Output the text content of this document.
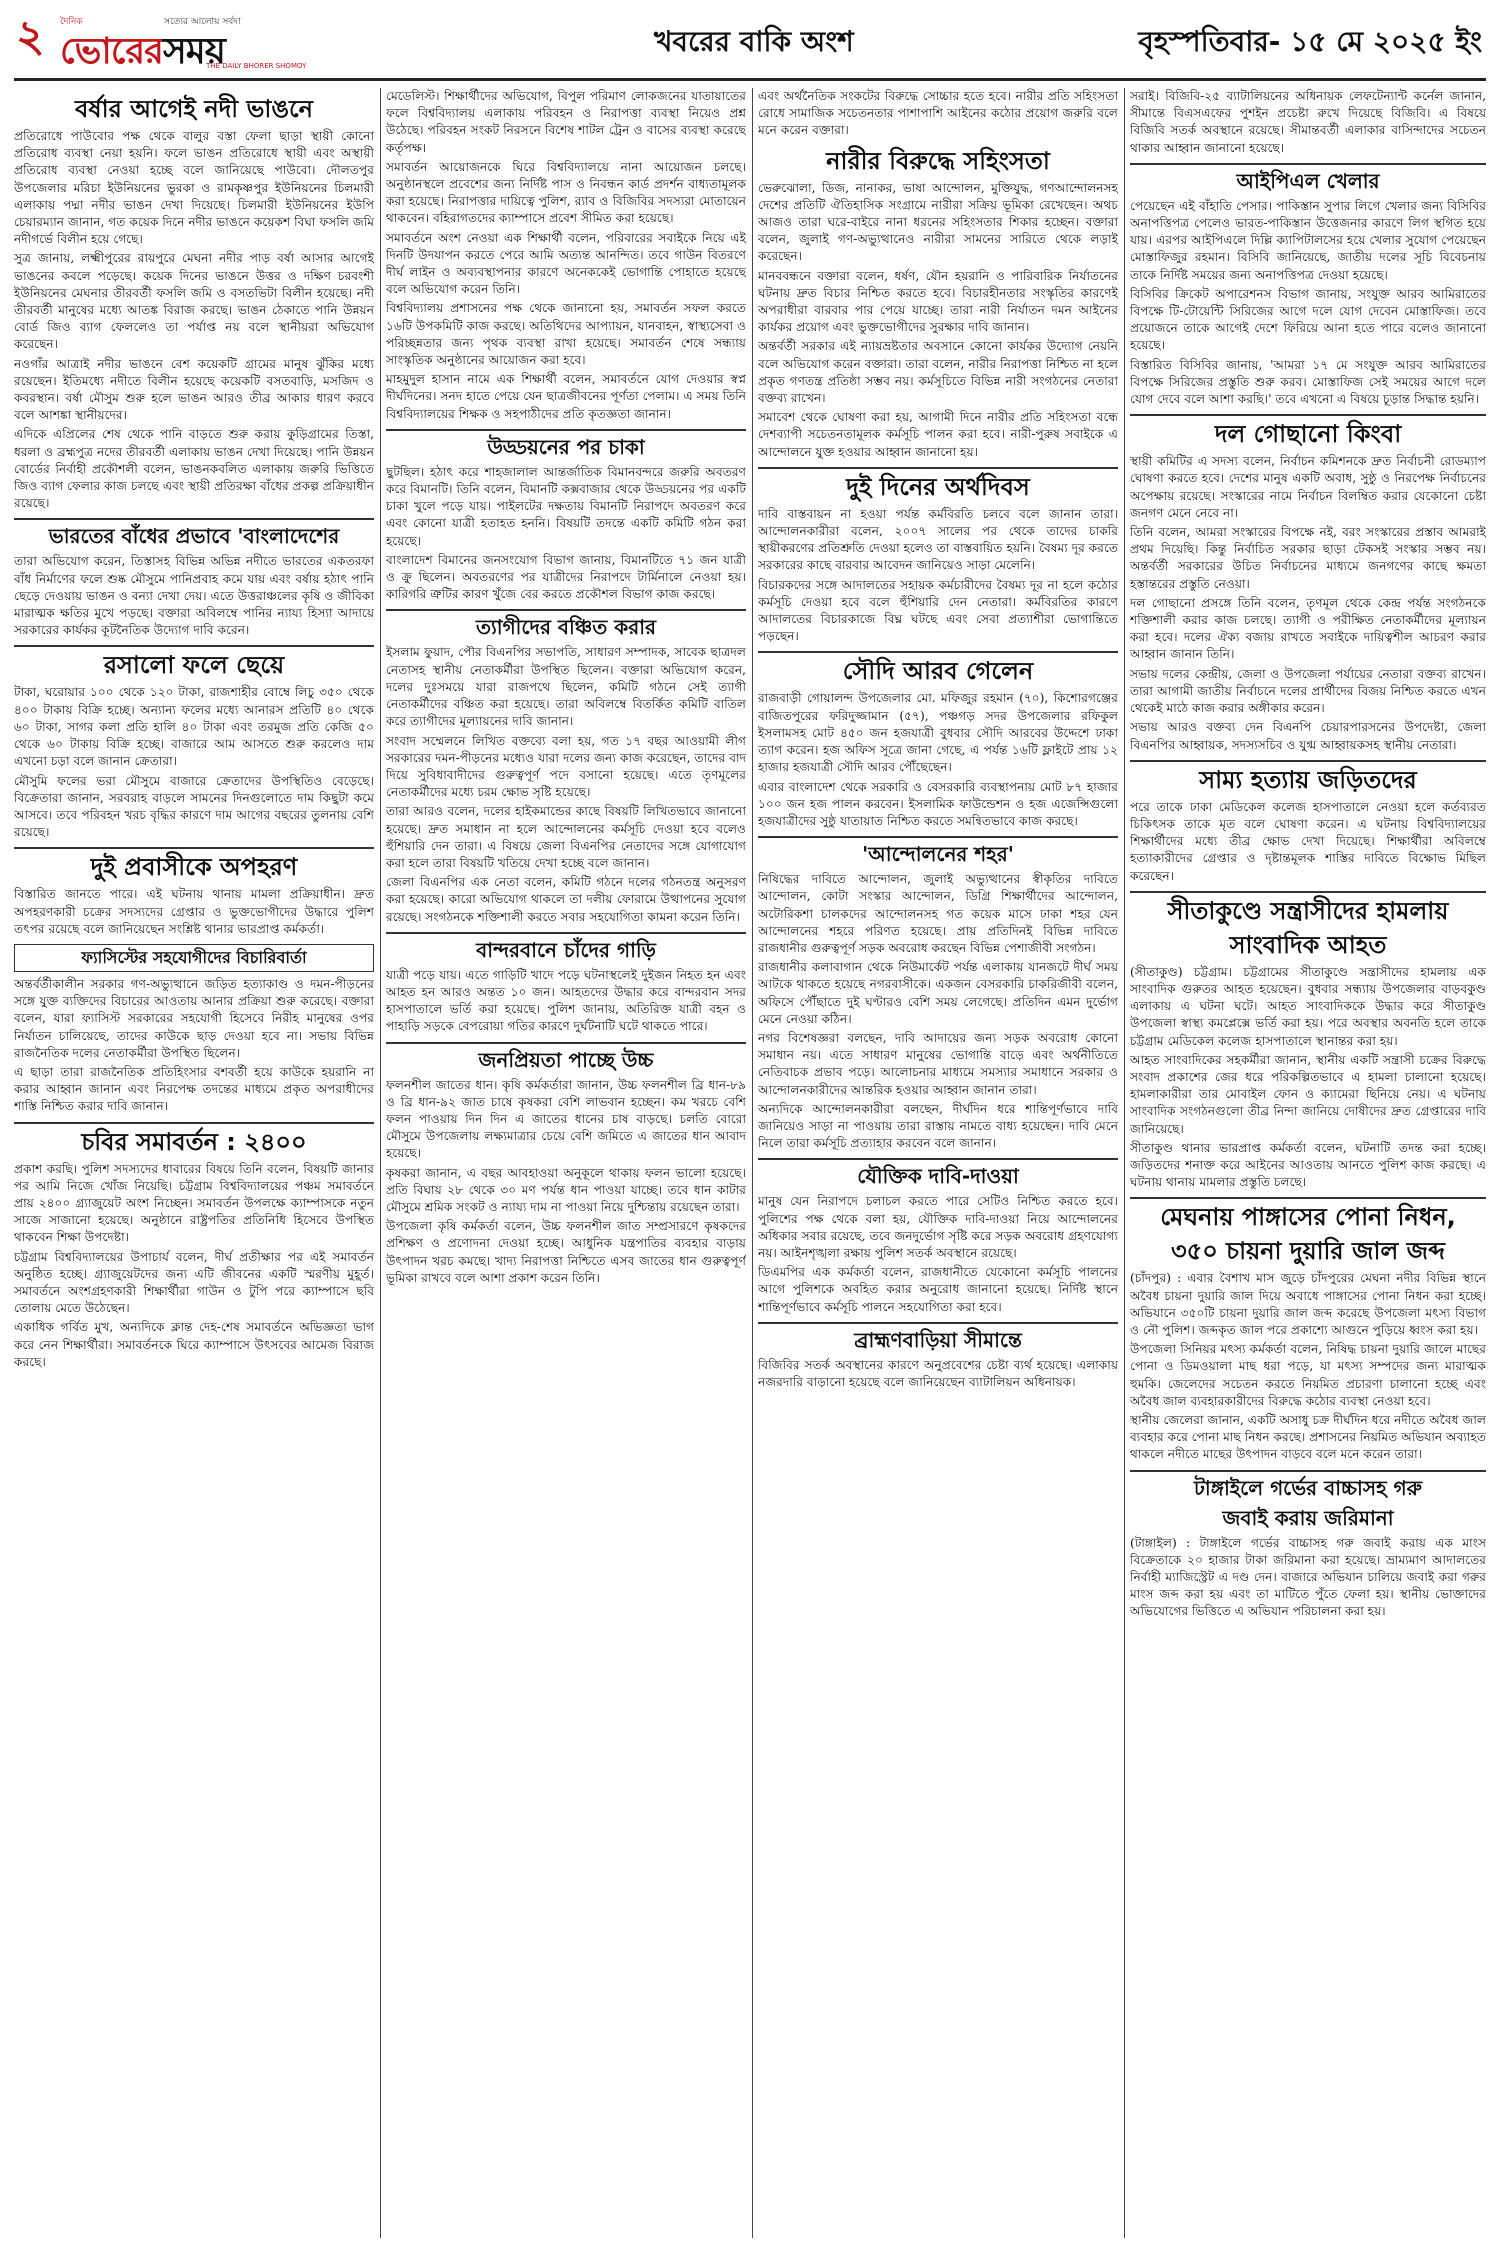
২ দৈনিক	সত্যের আলোয় সর্বদা
ভোরেরসময়
THE DAILY BHORER SHOMOY
খবরের বাকি অংশ	বৃহস্পতিবার- ১৫ মে ২০২৫ ইং
বর্ষার আগেই নদী ভাঙনে

প্রতিরোধে পাউবোর পক্ষ থেকে বালুর বস্তা ফেলা ছাড়া স্থায়ী কোনো প্রতিরোধ ব্যবস্থা নেয়া হয়নি। ফলে ভাঙন প্রতিরোধে স্থায়ী এবং অস্থায়ী প্রতিরোধ ব্যবস্থা নেওয়া হচ্ছে বলে জানিয়েছে পাউবো। দৌলতপুর উপজেলার মরিচা ইউনিয়নের ভুরকা ও রামকৃষ্ণপুর ইউনিয়নের চিলমারী এলাকায় পদ্মা নদীর ভাঙন দেখা দিয়েছে। চিলমারী ইউনিয়নের ইউপি চেয়ারম্যান জানান, গত কয়েক দিনে নদীর ভাঙনে কয়েকশ বিঘা ফসলি জমি নদীগর্ভে বিলীন হয়ে গেছে।

সুত্র জানায়, লক্ষ্মীপুরের রায়পুরে মেঘনা নদীর পাড় বর্ষা আসার আগেই ভাঙনের কবলে পড়েছে। কয়েক দিনের ভাঙনে উত্তর ও দক্ষিণ চরবংশী ইউনিয়নের মেঘনার তীরবর্তী ফসলি জমি ও বসতভিটা বিলীন হয়েছে। নদী তীরবর্তী মানুষের মধ্যে আতঙ্ক বিরাজ করছে। ভাঙন ঠেকাতে পানি উন্নয়ন বোর্ড জিও ব্যাগ ফেললেও তা পর্যাপ্ত নয় বলে স্থানীয়রা অভিযোগ করেছেন।

নওগাঁর আত্রাই নদীর ভাঙনে বেশ কয়েকটি গ্রামের মানুষ ঝুঁকির মধ্যে রয়েছেন। ইতিমধ্যে নদীতে বিলীন হয়েছে কয়েকটি বসতবাড়ি, মসজিদ ও কবরস্থান। বর্ষা মৌসুম শুরু হলে ভাঙন আরও তীব্র আকার ধারণ করবে বলে আশঙ্কা স্থানীয়দের।

এদিকে এপ্রিলের শেষ থেকে পানি বাড়তে শুরু করায় কুড়িগ্রামের তিস্তা, ধরলা ও ব্রহ্মপুত্র নদের তীরবর্তী এলাকায় ভাঙন দেখা দিয়েছে। পানি উন্নয়ন বোর্ডের নির্বাহী প্রকৌশলী বলেন, ভাঙনকবলিত এলাকায় জরুরি ভিত্তিতে জিও ব্যাগ ফেলার কাজ চলছে এবং স্থায়ী প্রতিরক্ষা বাঁধের প্রকল্প প্রক্রিয়াধীন রয়েছে।

ভারতের বাঁধের প্রভাবে 'বাংলাদেশের

তারা অভিযোগ করেন, তিস্তাসহ বিভিন্ন অভিন্ন নদীতে ভারতের একতরফা বাঁধ নির্মাণের ফলে শুষ্ক মৌসুমে পানিপ্রবাহ কমে যায় এবং বর্ষায় হঠাৎ পানি ছেড়ে দেওয়ায় ভাঙন ও বন্যা দেখা দেয়। এতে উত্তরাঞ্চলের কৃষি ও জীবিকা মারাত্মক ক্ষতির মুখে পড়ছে। বক্তারা অবিলম্বে পানির ন্যায্য হিস্যা আদায়ে সরকারের কার্যকর কূটনৈতিক উদ্যোগ দাবি করেন।

রসালো ফলে ছেয়ে

টাকা, ঘরোয়ার ১০০ থেকে ১২০ টাকা, রাজশাহীর বোম্বে লিচু ৩৫০ থেকে ৪০০ টাকায় বিক্রি হচ্ছে। অন্যান্য ফলের মধ্যে আনারস প্রতিটি ৪০ থেকে ৬০ টাকা, সাগর কলা প্রতি হালি ৪০ টাকা এবং তরমুজ প্রতি কেজি ৫০ থেকে ৬০ টাকায় বিক্রি হচ্ছে। বাজারে আম আসতে শুরু করলেও দাম এখনো চড়া বলে জানান ক্রেতারা।

মৌসুমি ফলের ভরা মৌসুমে বাজারে ক্রেতাদের উপস্থিতিও বেড়েছে। বিক্রেতারা জানান, সরবরাহ বাড়লে সামনের দিনগুলোতে দাম কিছুটা কমে আসবে। তবে পরিবহন খরচ বৃদ্ধির কারণে দাম আগের বছরের তুলনায় বেশি রয়েছে।

দুই প্রবাসীকে অপহরণ

বিস্তারিত জানতে পারে। এই ঘটনায় থানায় মামলা প্রক্রিয়াধীন। দ্রুত অপহরণকারী চক্রের সদস্যদের গ্রেপ্তার ও ভুক্তভোগীদের উদ্ধারে পুলিশ তৎপর রয়েছে বলে জানিয়েছেন সংশ্লিষ্ট থানার ভারপ্রাপ্ত কর্মকর্তা।

ফ্যাসিস্টের সহযোগীদের বিচারিবার্তা

অন্তর্বর্তীকালীন সরকার গণ-অভ্যুত্থানে জড়িত হত্যাকাণ্ড ও দমন-পীড়নের সঙ্গে যুক্ত ব্যক্তিদের বিচারের আওতায় আনার প্রক্রিয়া শুরু করেছে। বক্তারা বলেন, যারা ফ্যাসিস্ট সরকারের সহযোগী হিসেবে নিরীহ মানুষের ওপর নির্যাতন চালিয়েছে, তাদের কাউকে ছাড় দেওয়া হবে না। সভায় বিভিন্ন রাজনৈতিক দলের নেতাকর্মীরা উপস্থিত ছিলেন।

এ ছাড়া তারা রাজনৈতিক প্রতিহিংসার বশবর্তী হয়ে কাউকে হয়রানি না করার আহ্বান জানান এবং নিরপেক্ষ তদন্তের মাধ্যমে প্রকৃত অপরাধীদের শাস্তি নিশ্চিত করার দাবি জানান।

চবির সমাবর্তন : ২৪০০

প্রকাশ করছি। পুলিশ সদস্যদের ধাবারের বিষয়ে তিনি বলেন, বিষয়টি জানার পর আমি নিজে খোঁজ নিয়েছি। চট্টগ্রাম বিশ্ববিদ্যালয়ের পঞ্চম সমাবর্তনে প্রায় ২৪০০ গ্র্যাজুয়েট অংশ নিচ্ছেন। সমাবর্তন উপলক্ষে ক্যাম্পাসকে নতুন সাজে সাজানো হয়েছে। অনুষ্ঠানে রাষ্ট্রপতির প্রতিনিধি হিসেবে উপস্থিত থাকবেন শিক্ষা উপদেষ্টা।

চট্টগ্রাম বিশ্ববিদ্যালয়ের উপাচার্য বলেন, দীর্ঘ প্রতীক্ষার পর এই সমাবর্তন অনুষ্ঠিত হচ্ছে। গ্র্যাজুয়েটদের জন্য এটি জীবনের একটি স্মরণীয় মুহূর্ত। সমাবর্তনে অংশগ্রহণকারী শিক্ষার্থীরা গাউন ও টুপি পরে ক্যাম্পাসে ছবি তোলায় মেতে উঠেছেন।

একাধিক গর্বিত মুখ, অন্যদিকে ক্লান্ত দেহ-শেষ সমাবর্তনে অভিজ্ঞতা ভাগ করে নেন শিক্ষার্থীরা। সমাবর্তনকে ঘিরে ক্যাম্পাসে উৎসবের আমেজ বিরাজ করছে।

মেডেলিস্ট। শিক্ষার্থীদের অভিযোগ, বিপুল পরিমাণ লোকজনের যাতায়াতের ফলে বিশ্ববিদ্যালয় এলাকায় পরিবহন ও নিরাপত্তা ব্যবস্থা নিয়েও প্রশ্ন উঠেছে। পরিবহন সংকট নিরসনে বিশেষ শাটল ট্রেন ও বাসের ব্যবস্থা করেছে কর্তৃপক্ষ।

সমাবর্তন আয়োজনকে ঘিরে বিশ্ববিদ্যালয়ে নানা আয়োজন চলছে। অনুষ্ঠানস্থলে প্রবেশের জন্য নির্দিষ্ট পাস ও নিবন্ধন কার্ড প্রদর্শন বাধ্যতামূলক করা হয়েছে। নিরাপত্তার দায়িত্বে পুলিশ, র‍্যাব ও বিজিবির সদস্যরা মোতায়েন থাকবেন। বহিরাগতদের ক্যাম্পাসে প্রবেশ সীমিত করা হয়েছে।

সমাবর্তনে অংশ নেওয়া এক শিক্ষার্থী বলেন, পরিবারের সবাইকে নিয়ে এই দিনটি উদযাপন করতে পেরে আমি অত্যন্ত আনন্দিত। তবে গাউন বিতরণে দীর্ঘ লাইন ও অব্যবস্থাপনার কারণে অনেককেই ভোগান্তি পোহাতে হয়েছে বলে অভিযোগ করেন তিনি।

বিশ্ববিদ্যালয় প্রশাসনের পক্ষ থেকে জানানো হয়, সমাবর্তন সফল করতে ১৬টি উপকমিটি কাজ করছে। অতিথিদের আপ্যায়ন, যানবাহন, স্বাস্থ্যসেবা ও পরিচ্ছন্নতার জন্য পৃথক ব্যবস্থা রাখা হয়েছে। সমাবর্তন শেষে সন্ধ্যায় সাংস্কৃতিক অনুষ্ঠানের আয়োজন করা হবে।

মাহমুদুল হাসান নামে এক শিক্ষার্থী বলেন, সমাবর্তনে যোগ দেওয়ার স্বপ্ন দীর্ঘদিনের। সনদ হাতে পেয়ে যেন ছাত্রজীবনের পূর্ণতা পেলাম। এ সময় তিনি বিশ্ববিদ্যালয়ের শিক্ষক ও সহপাঠীদের প্রতি কৃতজ্ঞতা জানান।

উড্ডয়নের পর চাকা

ছুটছিল। হঠাৎ করে শাহজালাল আন্তর্জাতিক বিমানবন্দরে জরুরি অবতরণ করে বিমানটি। তিনি বলেন, বিমানটি কক্সবাজার থেকে উড্ডয়নের পর একটি চাকা খুলে পড়ে যায়। পাইলটের দক্ষতায় বিমানটি নিরাপদে অবতরণ করে এবং কোনো যাত্রী হতাহত হননি। বিষয়টি তদন্তে একটি কমিটি গঠন করা হয়েছে।

বাংলাদেশ বিমানের জনসংযোগ বিভাগ জানায়, বিমানটিতে ৭১ জন যাত্রী ও ক্রু ছিলেন। অবতরণের পর যাত্রীদের নিরাপদে টার্মিনালে নেওয়া হয়। কারিগরি ত্রুটির কারণ খুঁজে বের করতে প্রকৌশল বিভাগ কাজ করছে।

ত্যাগীদের বঞ্চিত করার

ইসলাম ফুয়াদ, পৌর বিএনপির সভাপতি, সাধারণ সম্পাদক, সাবেক ছাত্রদল নেতাসহ স্থানীয় নেতাকর্মীরা উপস্থিত ছিলেন। বক্তারা অভিযোগ করেন, দলের দুঃসময়ে যারা রাজপথে ছিলেন, কমিটি গঠনে সেই ত্যাগী নেতাকর্মীদের বঞ্চিত করা হয়েছে। তারা অবিলম্বে বিতর্কিত কমিটি বাতিল করে ত্যাগীদের মূল্যায়নের দাবি জানান।

সংবাদ সম্মেলনে লিখিত বক্তব্যে বলা হয়, গত ১৭ বছর আওয়ামী লীগ সরকারের দমন-পীড়নের মধ্যেও যারা দলের জন্য কাজ করেছেন, তাদের বাদ দিয়ে সুবিধাবাদীদের গুরুত্বপূর্ণ পদে বসানো হয়েছে। এতে তৃণমূলের নেতাকর্মীদের মধ্যে চরম ক্ষোভ সৃষ্টি হয়েছে।

তারা আরও বলেন, দলের হাইকমান্ডের কাছে বিষয়টি লিখিতভাবে জানানো হয়েছে। দ্রুত সমাধান না হলে আন্দোলনের কর্মসূচি দেওয়া হবে বলেও হুঁশিয়ারি দেন তারা। এ বিষয়ে জেলা বিএনপির নেতাদের সঙ্গে যোগাযোগ করা হলে তারা বিষয়টি খতিয়ে দেখা হচ্ছে বলে জানান।

জেলা বিএনপির এক নেতা বলেন, কমিটি গঠনে দলের গঠনতন্ত্র অনুসরণ করা হয়েছে। কারো অভিযোগ থাকলে তা দলীয় ফোরামে উত্থাপনের সুযোগ রয়েছে। সংগঠনকে শক্তিশালী করতে সবার সহযোগিতা কামনা করেন তিনি।

বান্দরবানে চাঁদের গাড়ি

যাত্রী পড়ে যায়। এতে গাড়িটি খাদে পড়ে ঘটনাস্থলেই দুইজন নিহত হন এবং আহত হন আরও অন্তত ১০ জন। আহতদের উদ্ধার করে বান্দরবান সদর হাসপাতালে ভর্তি করা হয়েছে। পুলিশ জানায়, অতিরিক্ত যাত্রী বহন ও পাহাড়ি সড়কে বেপরোয়া গতির কারণে দুর্ঘটনাটি ঘটে থাকতে পারে।

জনপ্রিয়তা পাচ্ছে উচ্চ

ফলনশীল জাতের ধান। কৃষি কর্মকর্তারা জানান, উচ্চ ফলনশীল ব্রি ধান-৮৯ ও ব্রি ধান-৯২ জাত চাষে কৃষকরা বেশি লাভবান হচ্ছেন। কম খরচে বেশি ফলন পাওয়ায় দিন দিন এ জাতের ধানের চাষ বাড়ছে। চলতি বোরো মৌসুমে উপজেলায় লক্ষ্যমাত্রার চেয়ে বেশি জমিতে এ জাতের ধান আবাদ হয়েছে।

কৃষকরা জানান, এ বছর আবহাওয়া অনুকূলে থাকায় ফলন ভালো হয়েছে। প্রতি বিঘায় ২৮ থেকে ৩০ মণ পর্যন্ত ধান পাওয়া যাচ্ছে। তবে ধান কাটার মৌসুমে শ্রমিক সংকট ও ন্যায্য দাম না পাওয়া নিয়ে দুশ্চিন্তায় রয়েছেন তারা।

উপজেলা কৃষি কর্মকর্তা বলেন, উচ্চ ফলনশীল জাত সম্প্রসারণে কৃষকদের প্রশিক্ষণ ও প্রণোদনা দেওয়া হচ্ছে। আধুনিক যন্ত্রপাতির ব্যবহার বাড়ায় উৎপাদন খরচ কমছে। খাদ্য নিরাপত্তা নিশ্চিতে এসব জাতের ধান গুরুত্বপূর্ণ ভূমিকা রাখবে বলে আশা প্রকাশ করেন তিনি।

এবং অর্থনৈতিক সংকটের বিরুদ্ধে সোচ্চার হতে হবে। নারীর প্রতি সহিংসতা রোধে সামাজিক সচেতনতার পাশাপাশি আইনের কঠোর প্রয়োগ জরুরি বলে মনে করেন বক্তারা।

নারীর বিরুদ্ধে সহিংসতা

ভেরুঝোলা, ডিজ, নানাকর, ভাষা আন্দোলন, মুক্তিযুদ্ধ, গণআন্দোলনসহ দেশের প্রতিটি ঐতিহাসিক সংগ্রামে নারীরা সক্রিয় ভূমিকা রেখেছেন। অথচ আজও তারা ঘরে-বাইরে নানা ধরনের সহিংসতার শিকার হচ্ছেন। বক্তারা বলেন, জুলাই গণ-অভ্যুত্থানেও নারীরা সামনের সারিতে থেকে লড়াই করেছেন।

মানববন্ধনে বক্তারা বলেন, ধর্ষণ, যৌন হয়রানি ও পারিবারিক নির্যাতনের ঘটনায় দ্রুত বিচার নিশ্চিত করতে হবে। বিচারহীনতার সংস্কৃতির কারণেই অপরাধীরা বারবার পার পেয়ে যাচ্ছে। তারা নারী নির্যাতন দমন আইনের কার্যকর প্রয়োগ এবং ভুক্তভোগীদের সুরক্ষার দাবি জানান।

অন্তর্বর্তী সরকার এই ন্যায়ভ্রষ্টতার অবসানে কোনো কার্যকর উদ্যোগ নেয়নি বলে অভিযোগ করেন বক্তারা। তারা বলেন, নারীর নিরাপত্তা নিশ্চিত না হলে প্রকৃত গণতন্ত্র প্রতিষ্ঠা সম্ভব নয়। কর্মসূচিতে বিভিন্ন নারী সংগঠনের নেতারা বক্তব্য রাখেন।

সমাবেশ থেকে ঘোষণা করা হয়, আগামী দিনে নারীর প্রতি সহিংসতা বন্ধে দেশব্যাপী সচেতনতামূলক কর্মসূচি পালন করা হবে। নারী-পুরুষ সবাইকে এ আন্দোলনে যুক্ত হওয়ার আহ্বান জানানো হয়।

দুই দিনের অর্থদিবস

দাবি বাস্তবায়ন না হওয়া পর্যন্ত কর্মবিরতি চলবে বলে জানান তারা। আন্দোলনকারীরা বলেন, ২০০৭ সালের পর থেকে তাদের চাকরি স্থায়ীকরণের প্রতিশ্রুতি দেওয়া হলেও তা বাস্তবায়িত হয়নি। বৈষম্য দূর করতে সরকারের কাছে বারবার আবেদন জানিয়েও সাড়া মেলেনি।

বিচারকদের সঙ্গে আদালতের সহায়ক কর্মচারীদের বৈষম্য দূর না হলে কঠোর কর্মসূচি দেওয়া হবে বলে হুঁশিয়ারি দেন নেতারা। কর্মবিরতির কারণে আদালতের বিচারকাজে বিঘ্ন ঘটছে এবং সেবা প্রত্যাশীরা ভোগান্তিতে পড়ছেন।

সৌদি আরব গেলেন

রাজবাড়ী গোয়ালন্দ উপজেলার মো. মফিজুর রহমান (৭০), কিশোরগঞ্জের বাজিতপুরের ফরিদুজ্জামান (৫৭), পঞ্চগড় সদর উপজেলার রফিকুল ইসলামসহ মোট ৪৫০ জন হজযাত্রী বুধবার সৌদি আরবের উদ্দেশে ঢাকা ত্যাগ করেন। হজ অফিস সূত্রে জানা গেছে, এ পর্যন্ত ১৬টি ফ্লাইটে প্রায় ১২ হাজার হজযাত্রী সৌদি আরব পৌঁছেছেন।

এবার বাংলাদেশ থেকে সরকারি ও বেসরকারি ব্যবস্থাপনায় মোট ৮৭ হাজার ১০০ জন হজ পালন করবেন। ইসলামিক ফাউন্ডেশন ও হজ এজেন্সিগুলো হজযাত্রীদের সুষ্ঠু যাতায়াত নিশ্চিত করতে সমন্বিতভাবে কাজ করছে।

'আন্দোলনের শহর'

নিষিদ্ধের দাবিতে আন্দোলন, জুলাই অভ্যুত্থানের স্বীকৃতির দাবিতে আন্দোলন, কোটা সংস্কার আন্দোলন, ডিগ্রি শিক্ষার্থীদের আন্দোলন, অটোরিকশা চালকদের আন্দোলনসহ গত কয়েক মাসে ঢাকা শহর যেন আন্দোলনের শহরে পরিণত হয়েছে। প্রায় প্রতিদিনই বিভিন্ন দাবিতে রাজধানীর গুরুত্বপূর্ণ সড়ক অবরোধ করছেন বিভিন্ন পেশাজীবী সংগঠন।

রাজধানীর কলাবাগান থেকে নিউমার্কেট পর্যন্ত এলাকায় যানজটে দীর্ঘ সময় আটকে থাকতে হয়েছে নগরবাসীকে। একজন বেসরকারি চাকরিজীবী বলেন, অফিসে পৌঁছাতে দুই ঘণ্টারও বেশি সময় লেগেছে। প্রতিদিন এমন দুর্ভোগ মেনে নেওয়া কঠিন।

নগর বিশেষজ্ঞরা বলছেন, দাবি আদায়ের জন্য সড়ক অবরোধ কোনো সমাধান নয়। এতে সাধারণ মানুষের ভোগান্তি বাড়ে এবং অর্থনীতিতে নেতিবাচক প্রভাব পড়ে। আলোচনার মাধ্যমে সমস্যার সমাধানে সরকার ও আন্দোলনকারীদের আন্তরিক হওয়ার আহ্বান জানান তারা।

অন্যদিকে আন্দোলনকারীরা বলছেন, দীর্ঘদিন ধরে শান্তিপূর্ণভাবে দাবি জানিয়েও সাড়া না পাওয়ায় তারা রাস্তায় নামতে বাধ্য হয়েছেন। দাবি মেনে নিলে তারা কর্মসূচি প্রত্যাহার করবেন বলে জানান।

যৌক্তিক দাবি-দাওয়া

মানুষ যেন নিরাপদে চলাচল করতে পারে সেটিও নিশ্চিত করতে হবে। পুলিশের পক্ষ থেকে বলা হয়, যৌক্তিক দাবি-দাওয়া নিয়ে আন্দোলনের অধিকার সবার রয়েছে, তবে জনদুর্ভোগ সৃষ্টি করে সড়ক অবরোধ গ্রহণযোগ্য নয়। আইনশৃঙ্খলা রক্ষায় পুলিশ সতর্ক অবস্থানে রয়েছে।

ডিএমপির এক কর্মকর্তা বলেন, রাজধানীতে যেকোনো কর্মসূচি পালনের আগে পুলিশকে অবহিত করার অনুরোধ জানানো হয়েছে। নির্দিষ্ট স্থানে শান্তিপূর্ণভাবে কর্মসূচি পালনে সহযোগিতা করা হবে।

ব্রাহ্মণবাড়িয়া সীমান্তে

বিজিবির সতর্ক অবস্থানের কারণে অনুপ্রবেশের চেষ্টা ব্যর্থ হয়েছে। এলাকায় নজরদারি বাড়ানো হয়েছে বলে জানিয়েছেন ব্যাটালিয়ন অধিনায়ক।

সরাই। বিজিবি-২৫ ব্যাটালিয়নের অধিনায়ক লেফটেন্যান্ট কর্নেল জানান, সীমান্তে বিএসএফের পুশইন প্রচেষ্টা রুখে দিয়েছে বিজিবি। এ বিষয়ে বিজিবি সতর্ক অবস্থানে রয়েছে। সীমান্তবর্তী এলাকার বাসিন্দাদের সচেতন থাকার আহ্বান জানানো হয়েছে।

আইপিএল খেলার

পেয়েছেন এই বাঁহাতি পেসার। পাকিস্তান সুপার লিগে খেলার জন্য বিসিবির অনাপত্তিপত্র পেলেও ভারত-পাকিস্তান উত্তেজনার কারণে লিগ স্থগিত হয়ে যায়। এরপর আইপিএলে দিল্লি ক্যাপিটালসের হয়ে খেলার সুযোগ পেয়েছেন মোস্তাফিজুর রহমান। বিসিবি জানিয়েছে, জাতীয় দলের সূচি বিবেচনায় তাকে নির্দিষ্ট সময়ের জন্য অনাপত্তিপত্র দেওয়া হয়েছে।

বিসিবির ক্রিকেট অপারেশনস বিভাগ জানায়, সংযুক্ত আরব আমিরাতের বিপক্ষে টি-টোয়েন্টি সিরিজের আগে দলে যোগ দেবেন মোস্তাফিজ। তবে প্রয়োজনে তাকে আগেই দেশে ফিরিয়ে আনা হতে পারে বলেও জানানো হয়েছে।

বিস্তারিত বিসিবির জানায়, 'আমরা ১৭ মে সংযুক্ত আরব আমিরাতের বিপক্ষে সিরিজের প্রস্তুতি শুরু করব। মোস্তাফিজ সেই সময়ের আগে দলে যোগ দেবে বলে আশা করছি।' তবে এখনো এ বিষয়ে চূড়ান্ত সিদ্ধান্ত হয়নি।

দল গোছানো কিংবা

স্থায়ী কমিটির এ সদস্য বলেন, নির্বাচন কমিশনকে দ্রুত নির্বাচনী রোডম্যাপ ঘোষণা করতে হবে। দেশের মানুষ একটি অবাধ, সুষ্ঠু ও নিরপেক্ষ নির্বাচনের অপেক্ষায় রয়েছে। সংস্কারের নামে নির্বাচন বিলম্বিত করার যেকোনো চেষ্টা জনগণ মেনে নেবে না।

তিনি বলেন, আমরা সংস্কারের বিপক্ষে নই, বরং সংস্কারের প্রস্তাব আমরাই প্রথম দিয়েছি। কিন্তু নির্বাচিত সরকার ছাড়া টেকসই সংস্কার সম্ভব নয়। অন্তর্বর্তী সরকারের উচিত নির্বাচনের মাধ্যমে জনগণের কাছে ক্ষমতা হস্তান্তরের প্রস্তুতি নেওয়া।

দল গোছানো প্রসঙ্গে তিনি বলেন, তৃণমূল থেকে কেন্দ্র পর্যন্ত সংগঠনকে শক্তিশালী করার কাজ চলছে। ত্যাগী ও পরীক্ষিত নেতাকর্মীদের মূল্যায়ন করা হবে। দলের ঐক্য বজায় রাখতে সবাইকে দায়িত্বশীল আচরণ করার আহ্বান জানান তিনি।

সভায় দলের কেন্দ্রীয়, জেলা ও উপজেলা পর্যায়ের নেতারা বক্তব্য রাখেন। তারা আগামী জাতীয় নির্বাচনে দলের প্রার্থীদের বিজয় নিশ্চিত করতে এখন থেকেই মাঠে কাজ করার অঙ্গীকার করেন।

সভায় আরও বক্তব্য দেন বিএনপি চেয়ারপারসনের উপদেষ্টা, জেলা বিএনপির আহ্বায়ক, সদস্যসচিব ও যুগ্ম আহ্বায়কসহ স্থানীয় নেতারা।

সাম্য হত্যায় জড়িতদের

পরে তাকে ঢাকা মেডিকেল কলেজ হাসপাতালে নেওয়া হলে কর্তব্যরত চিকিৎসক তাকে মৃত বলে ঘোষণা করেন। এ ঘটনায় বিশ্ববিদ্যালয়ের শিক্ষার্থীদের মধ্যে তীব্র ক্ষোভ দেখা দিয়েছে। শিক্ষার্থীরা অবিলম্বে হত্যাকারীদের গ্রেপ্তার ও দৃষ্টান্তমূলক শাস্তির দাবিতে বিক্ষোভ মিছিল করেছেন।

সীতাকুণ্ডে সন্ত্রাসীদের হামলায়
সাংবাদিক আহত

(সীতাকুণ্ড) চট্টগ্রাম। চট্টগ্রামের সীতাকুণ্ডে সন্ত্রাসীদের হামলায় এক সাংবাদিক গুরুতর আহত হয়েছেন। বুধবার সন্ধ্যায় উপজেলার বাড়বকুণ্ড এলাকায় এ ঘটনা ঘটে। আহত সাংবাদিককে উদ্ধার করে সীতাকুণ্ড উপজেলা স্বাস্থ্য কমপ্লেক্সে ভর্তি করা হয়। পরে অবস্থার অবনতি হলে তাকে চট্টগ্রাম মেডিকেল কলেজ হাসপাতালে স্থানান্তর করা হয়।

আহত সাংবাদিকের সহকর্মীরা জানান, স্থানীয় একটি সন্ত্রাসী চক্রের বিরুদ্ধে সংবাদ প্রকাশের জের ধরে পরিকল্পিতভাবে এ হামলা চালানো হয়েছে। হামলাকারীরা তার মোবাইল ফোন ও ক্যামেরা ছিনিয়ে নেয়। এ ঘটনায় সাংবাদিক সংগঠনগুলো তীব্র নিন্দা জানিয়ে দোষীদের দ্রুত গ্রেপ্তারের দাবি জানিয়েছে।

সীতাকুণ্ড থানার ভারপ্রাপ্ত কর্মকর্তা বলেন, ঘটনাটি তদন্ত করা হচ্ছে। জড়িতদের শনাক্ত করে আইনের আওতায় আনতে পুলিশ কাজ করছে। এ ঘটনায় থানায় মামলার প্রস্তুতি চলছে।

মেঘনায় পাঙ্গাসের পোনা নিধন,
৩৫০ চায়না দুয়ারি জাল জব্দ

(চাঁদপুর) : এবার বৈশাখ মাস জুড়ে চাঁদপুরের মেঘনা নদীর বিভিন্ন স্থানে অবৈধ চায়না দুয়ারি জাল দিয়ে অবাধে পাঙ্গাসের পোনা নিধন করা হচ্ছে। অভিযানে ৩৫০টি চায়না দুয়ারি জাল জব্দ করেছে উপজেলা মৎস্য বিভাগ ও নৌ পুলিশ। জব্দকৃত জাল পরে প্রকাশ্যে আগুনে পুড়িয়ে ধ্বংস করা হয়।

উপজেলা সিনিয়র মৎস্য কর্মকর্তা বলেন, নিষিদ্ধ চায়না দুয়ারি জালে মাছের পোনা ও ডিমওয়ালা মাছ ধরা পড়ে, যা মৎস্য সম্পদের জন্য মারাত্মক হুমকি। জেলেদের সচেতন করতে নিয়মিত প্রচারণা চালানো হচ্ছে এবং অবৈধ জাল ব্যবহারকারীদের বিরুদ্ধে কঠোর ব্যবস্থা নেওয়া হবে।

স্থানীয় জেলেরা জানান, একটি অসাধু চক্র দীর্ঘদিন ধরে নদীতে অবৈধ জাল ব্যবহার করে পোনা মাছ নিধন করছে। প্রশাসনের নিয়মিত অভিযান অব্যাহত থাকলে নদীতে মাছের উৎপাদন বাড়বে বলে মনে করেন তারা।

টাঙ্গাইলে গর্ভের বাচ্চাসহ গরু
জবাই করায় জরিমানা

(টাঙ্গাইল) : টাঙ্গাইলে গর্ভের বাচ্চাসহ গরু জবাই করায় এক মাংস বিক্রেতাকে ২০ হাজার টাকা জরিমানা করা হয়েছে। ভ্রাম্যমাণ আদালতের নির্বাহী ম্যাজিস্ট্রেট এ দণ্ড দেন। বাজারে অভিযান চালিয়ে জবাই করা গরুর মাংস জব্দ করা হয় এবং তা মাটিতে পুঁতে ফেলা হয়। স্থানীয় ভোক্তাদের অভিযোগের ভিত্তিতে এ অভিযান পরিচালনা করা হয়।
